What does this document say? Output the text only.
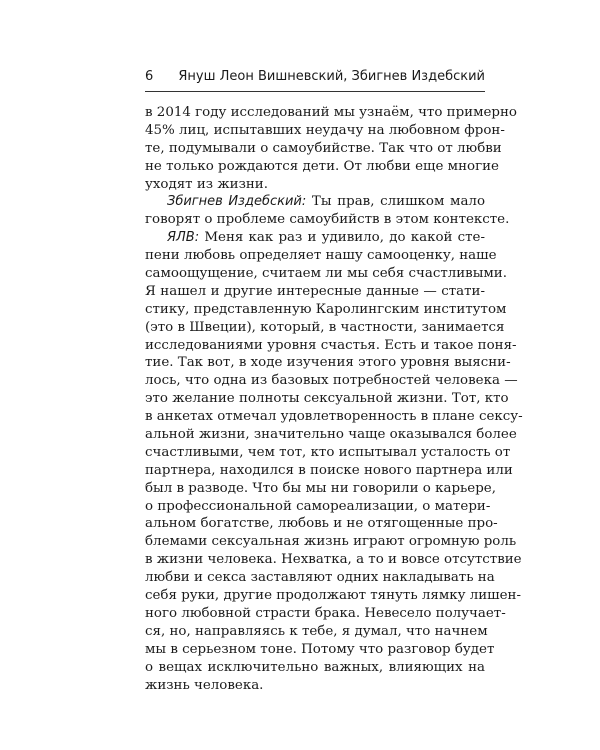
6 Януш Леон Вишневский, Збигнев Издебский
в 2014 году исследований мы узнаём, что примерно
45% лиц, испытавших неудачу на любовном фрон-
те, подумывали о самоубийстве. Так что от любви
не только рождаются дети. От любви еще многие
уходят из жизни.
Збигнев Издебский: Ты прав, слишком мало
говорят о проблеме самоубийств в этом контексте.
ЯЛВ: Меня как раз и удивило, до какой сте-
пени любовь определяет нашу самооценку, наше
самоощущение, считаем ли мы себя счастливыми.
Я нашел и другие интересные данные — стати-
стику, представленную Каролингским институтом
(это в Швеции), который, в частности, занимается
исследованиями уровня счастья. Есть и такое поня-
тие. Так вот, в ходе изучения этого уровня выясни-
лось, что одна из базовых потребностей человека —
это желание полноты сексуальной жизни. Тот, кто
в анкетах отмечал удовлетворенность в плане сексу-
альной жизни, значительно чаще оказывался более
счастливыми, чем тот, кто испытывал усталость от
партнера, находился в поиске нового партнера или
был в разводе. Что бы мы ни говорили о карьере,
о профессиональной самореализации, о матери-
альном богатстве, любовь и не отягощенные про-
блемами сексуальная жизнь играют огромную роль
в жизни человека. Нехватка, а то и вовсе отсутствие
любви и секса заставляют одних накладывать на
себя руки, другие продолжают тянуть лямку лишен-
ного любовной страсти брака. Невесело получает-
ся, но, направляясь к тебе, я думал, что начнем
мы в серьезном тоне. Потому что разговор будет
о вещах исключительно важных, влияющих на
жизнь человека.
